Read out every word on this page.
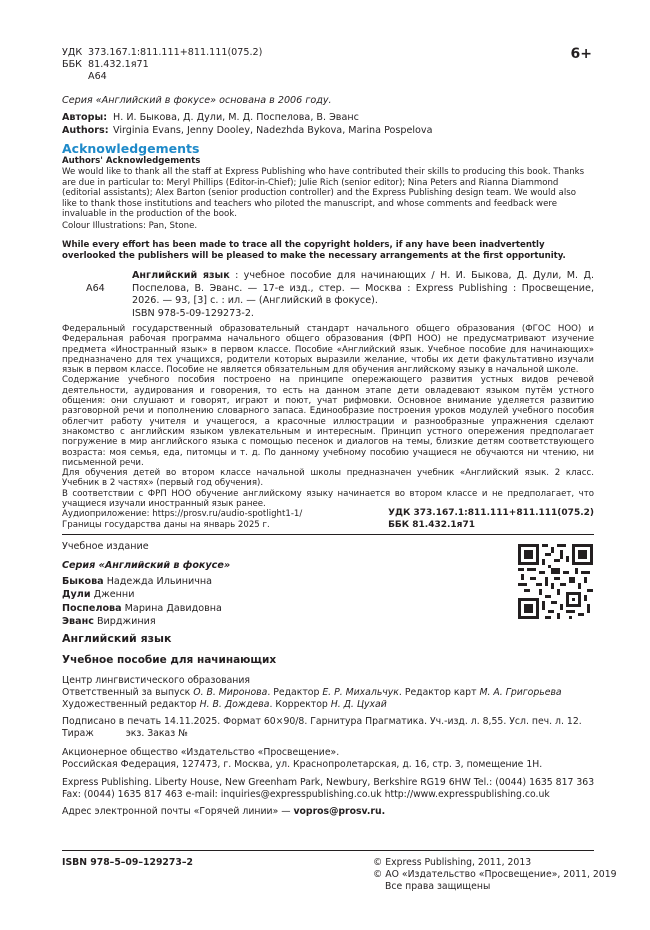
УДК	373.167.1:811.111+811.111(075.2)
ББК	81.432.1я71
	А64
6+
Серия «Английский в фокусе» основана в 2006 году.
Авторы:	Н. И. Быкова, Д. Дули, М. Д. Поспелова, В. Эванс
Authors:	Virginia Evans, Jenny Dooley, Nadezhda Bykova, Marina Pospelova
Acknowledgements
Authors' Acknowledgements
We would like to thank all the staff at Express Publishing who have contributed their skills to producing this book. Thanks are due in particular to: Meryl Phillips (Editor-in-Chief); Julie Rich (senior editor); Nina Peters and Rianna Diammond (editorial assistants); Alex Barton (senior production controller) and the Express Publishing design team. We would also like to thank those institutions and teachers who piloted the manuscript, and whose comments and feedback were invaluable in the production of the book.
Colour Illustrations: Pan, Stone.
While every effort has been made to trace all the copyright holders, if any have been inadvertently overlooked the publishers will be pleased to make the necessary arrangements at the first opportunity.
А64
Английский язык : учебное пособие для начинающих / Н. И. Быкова, Д. Дули, М. Д. Поспелова, В. Эванс. — 17-е изд., стер. — Москва : Express Publishing : Просвещение, 2026. — 93, [3] с. : ил. — (Английский в фокусе).
ISBN 978-5-09-129273-2.
Федеральный государственный образовательный стандарт начального общего образования (ФГОС НОО) и Федеральная рабочая программа начального общего образования (ФРП НОО) не предусматривают изучение предмета «Иностранный язык» в первом классе. Пособие «Английский язык. Учебное пособие для начинающих» предназначено для тех учащихся, родители которых выразили желание, чтобы их дети факультативно изучали язык в первом классе. Пособие не является обязательным для обучения английскому языку в начальной школе.
Содержание учебного пособия построено на принципе опережающего развития устных видов речевой деятельности, аудирования и говорения, то есть на данном этапе дети овладевают языком путём устного общения: они слушают и говорят, играют и поют, учат рифмовки. Основное внимание уделяется развитию разговорной речи и пополнению словарного запаса. Единообразие построения уроков модулей учебного пособия облегчит работу учителя и учащегося, а красочные иллюстрации и разнообразные упражнения сделают знакомство с английским языком увлекательным и интересным. Принцип устного опережения предполагает погружение в мир английского языка с помощью песенок и диалогов на темы, близкие детям соответствующего возраста: моя семья, еда, питомцы и т. д. По данному учебному пособию учащиеся не обучаются ни чтению, ни письменной речи.
Для обучения детей во втором классе начальной школы предназначен учебник «Английский язык. 2 класс. Учебник в 2 частях» (первый год обучения).
В соответствии с ФРП НОО обучение английскому языку начинается во втором классе и не предполагает, что учащиеся изучали иностранный язык ранее.
Аудиоприложение: https://prosv.ru/audio-spotlight1-1/
Границы государства даны на январь 2025 г.
УДК 373.167.1:811.111+811.111(075.2)
ББК 81.432.1я71
Учебное издание
Серия «Английский в фокусе»
Быкова Надежда Ильинична
Дули Дженни
Поспелова Марина Давидовна
Эванс Вирджиния
Английский язык
Учебное пособие для начинающих
Центр лингвистического образования
Ответственный за выпуск О. В. Миронова. Редактор Е. Р. Михальчук. Редактор карт М. А. Григорьева
Художественный редактор Н. В. Дождева. Корректор Н. Д. Цухай
Подписано в печать 14.11.2025. Формат 60×90/8. Гарнитура Прагматика. Уч.-изд. л. 8,55. Усл. печ. л. 12.
Тираж	экз. Заказ №
Акционерное общество «Издательство «Просвещение».
Российская Федерация, 127473, г. Москва, ул. Краснопролетарская, д. 16, стр. 3, помещение 1Н.
Express Publishing. Liberty House, New Greenham Park, Newbury, Berkshire RG19 6HW Tel.: (0044) 1635 817 363
Fax: (0044) 1635 817 463 e-mail: inquiries@expresspublishing.co.uk http://www.expresspublishing.co.uk
Адрес электронной почты «Горячей линии» — vopros@prosv.ru.
ISBN 978–5–09–129273–2	© Express Publishing, 2011, 2013
© АО «Издательство «Просвещение», 2011, 2019
Все права защищены
